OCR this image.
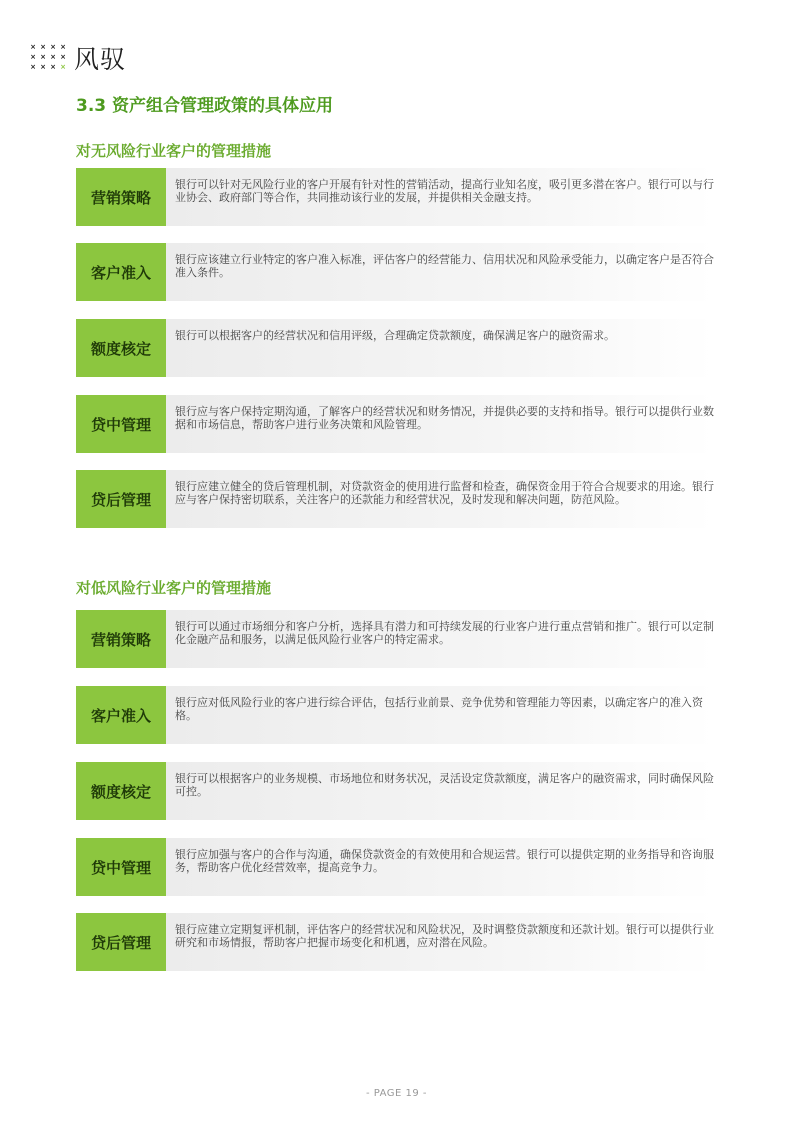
× × × ×
× × × ×
× × × × 风驭
3.3 资产组合管理政策的具体应用
对无风险行业客户的管理措施
营销策略
银行可以针对无风险行业的客户开展有针对性的营销活动，提高行业知名度，吸引更多潜在客户。银行可以与行业协会、政府部门等合作，共同推动该行业的发展，并提供相关金融支持。
客户准入
银行应该建立行业特定的客户准入标准，评估客户的经营能力、信用状况和风险承受能力，以确定客户是否符合准入条件。
额度核定
银行可以根据客户的经营状况和信用评级，合理确定贷款额度，确保满足客户的融资需求。
贷中管理
银行应与客户保持定期沟通，了解客户的经营状况和财务情况，并提供必要的支持和指导。银行可以提供行业数据和市场信息，帮助客户进行业务决策和风险管理。
贷后管理
银行应建立健全的贷后管理机制，对贷款资金的使用进行监督和检查，确保资金用于符合合规要求的用途。银行应与客户保持密切联系，关注客户的还款能力和经营状况，及时发现和解决问题，防范风险。
对低风险行业客户的管理措施
营销策略
银行可以通过市场细分和客户分析，选择具有潜力和可持续发展的行业客户进行重点营销和推广。银行可以定制化金融产品和服务，以满足低风险行业客户的特定需求。
客户准入
银行应对低风险行业的客户进行综合评估，包括行业前景、竞争优势和管理能力等因素，以确定客户的准入资格。
额度核定
银行可以根据客户的业务规模、市场地位和财务状况，灵活设定贷款额度，满足客户的融资需求，同时确保风险可控。
贷中管理
银行应加强与客户的合作与沟通，确保贷款资金的有效使用和合规运营。银行可以提供定期的业务指导和咨询服务，帮助客户优化经营效率，提高竞争力。
贷后管理
银行应建立定期复评机制，评估客户的经营状况和风险状况，及时调整贷款额度和还款计划。银行可以提供行业研究和市场情报，帮助客户把握市场变化和机遇，应对潜在风险。
- PAGE 19 -
